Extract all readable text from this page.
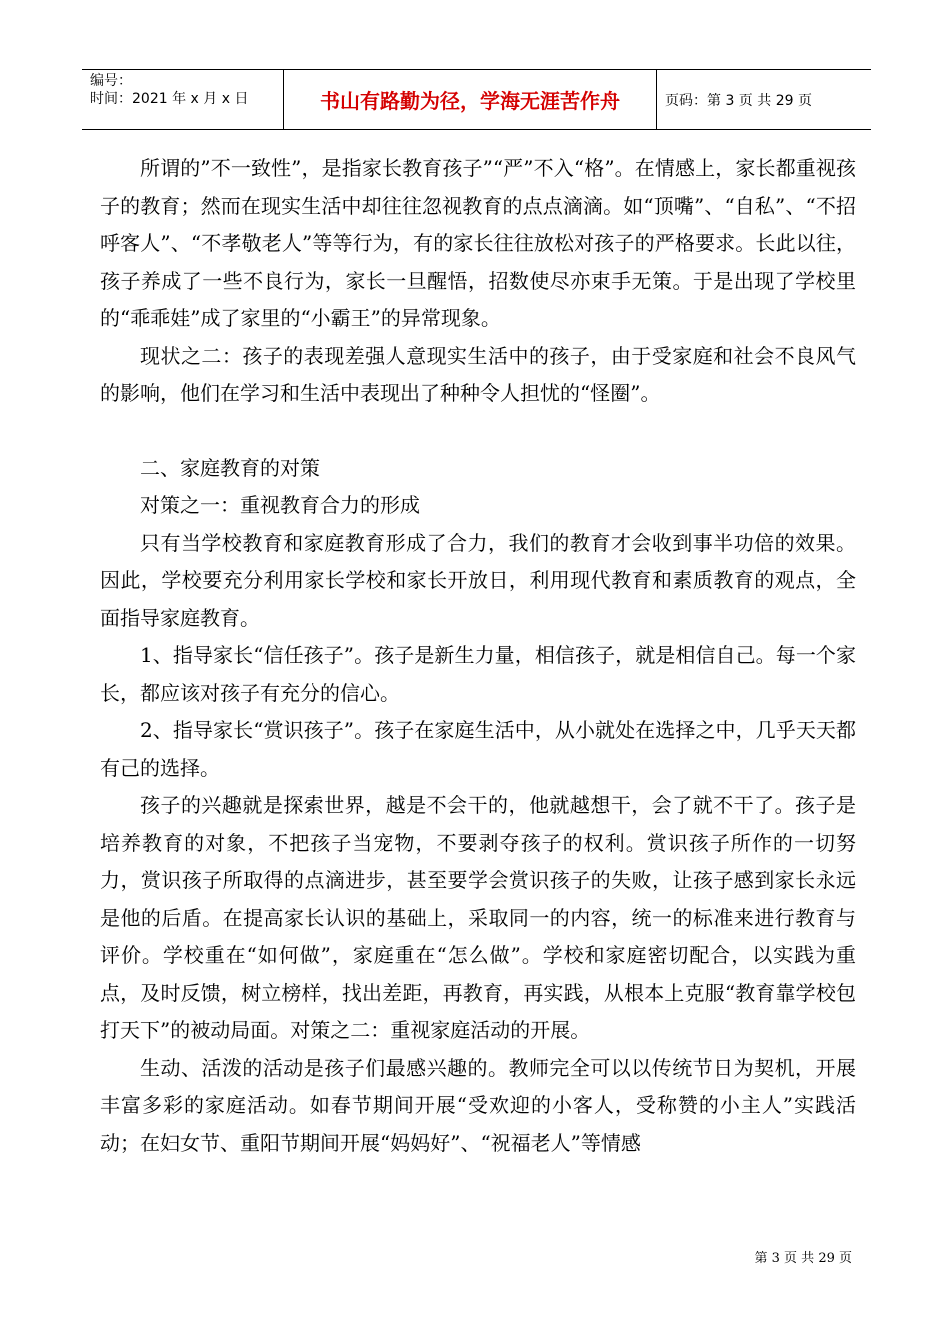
编号：
时间：2021 年 x 月 x 日	书山有路勤为径，学海无涯苦作舟	页码：第 3 页 共 29 页

所谓的”不一致性”，是指家长教育孩子”“严”不入“格”。在情感上，家长都重视孩子的教育；然而在现实生活中却往往忽视教育的点点滴滴。如“顶嘴”、“自私”、“不招呼客人”、“不孝敬老人”等等行为，有的家长往往放松对孩子的严格要求。长此以往，孩子养成了一些不良行为，家长一旦醒悟，招数使尽亦束手无策。于是出现了学校里的“乖乖娃”成了家里的“小霸王”的异常现象。

现状之二：孩子的表现差强人意现实生活中的孩子，由于受家庭和社会不良风气的影响，他们在学习和生活中表现出了种种令人担忧的“怪圈”。

二、家庭教育的对策

对策之一：重视教育合力的形成

只有当学校教育和家庭教育形成了合力，我们的教育才会收到事半功倍的效果。因此，学校要充分利用家长学校和家长开放日，利用现代教育和素质教育的观点，全面指导家庭教育。

1、指导家长“信任孩子”。孩子是新生力量，相信孩子，就是相信自己。每一个家长，都应该对孩子有充分的信心。

2、指导家长“赏识孩子”。孩子在家庭生活中，从小就处在选择之中，几乎天天都有己的选择。

孩子的兴趣就是探索世界，越是不会干的，他就越想干，会了就不干了。孩子是培养教育的对象，不把孩子当宠物，不要剥夺孩子的权利。赏识孩子所作的一切努力，赏识孩子所取得的点滴进步，甚至要学会赏识孩子的失败，让孩子感到家长永远是他的后盾。在提高家长认识的基础上，采取同一的内容，统一的标准来进行教育与评价。学校重在“如何做”，家庭重在“怎么做”。学校和家庭密切配合，以实践为重点，及时反馈，树立榜样，找出差距，再教育，再实践，从根本上克服“教育靠学校包打天下”的被动局面。对策之二：重视家庭活动的开展。

生动、活泼的活动是孩子们最感兴趣的。教师完全可以以传统节日为契机，开展丰富多彩的家庭活动。如春节期间开展“受欢迎的小客人，受称赞的小主人”实践活动；在妇女节、重阳节期间开展“妈妈好”、“祝福老人”等情感

第 3 页 共 29 页
